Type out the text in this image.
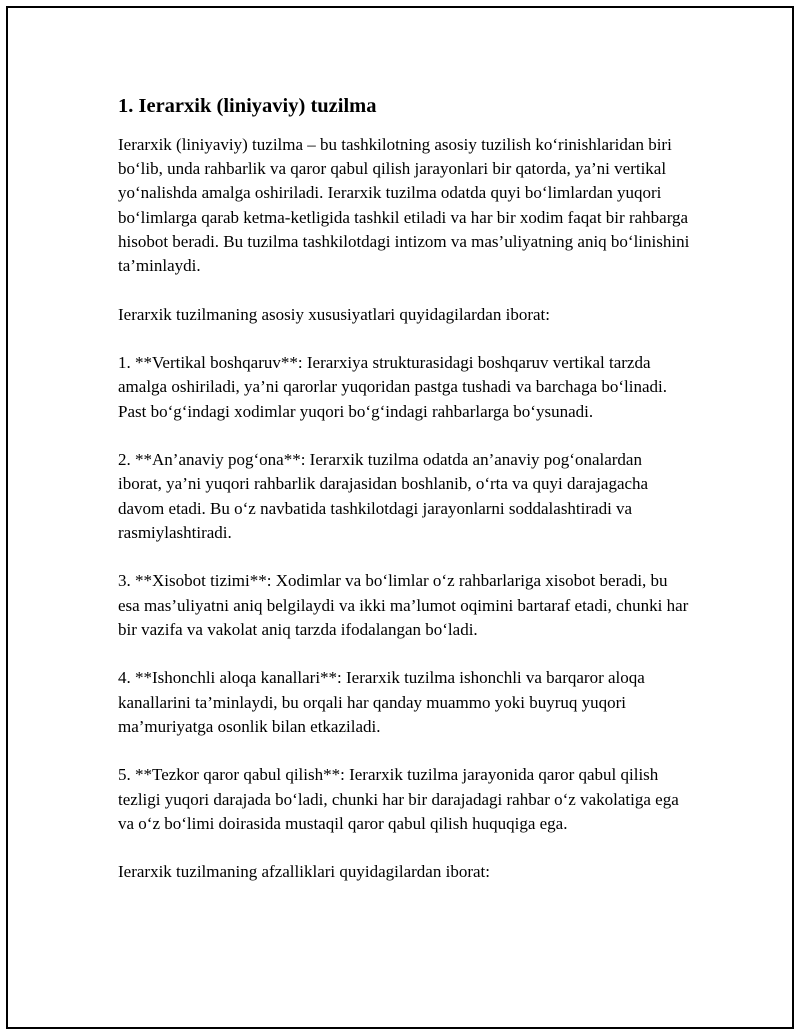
1. Ierarxik (liniyaviy) tuzilma

Ierarxik (liniyaviy) tuzilma – bu tashkilotning asosiy tuzilish ko‘rinishlaridan biri bo‘lib, unda rahbarlik va qaror qabul qilish jarayonlari bir qatorda, ya’ni vertikal yo‘nalishda amalga oshiriladi. Ierarxik tuzilma odatda quyi bo‘limlardan yuqori bo‘limlarga qarab ketma-ketligida tashkil etiladi va har bir xodim faqat bir rahbarga hisobot beradi. Bu tuzilma tashkilotdagi intizom va mas’uliyatning aniq bo‘linishini ta’minlaydi.

Ierarxik tuzilmaning asosiy xususiyatlari quyidagilardan iborat:

1. **Vertikal boshqaruv**: Ierarxiya strukturasidagi boshqaruv vertikal tarzda amalga oshiriladi, ya’ni qarorlar yuqoridan pastga tushadi va barchaga bo‘linadi. Past bo‘g‘indagi xodimlar yuqori bo‘g‘indagi rahbarlarga bo‘ysunadi.

2. **An’anaviy pog‘ona**: Ierarxik tuzilma odatda an’anaviy pog‘onalardan iborat, ya’ni yuqori rahbarlik darajasidan boshlanib, o‘rta va quyi darajagacha davom etadi. Bu o‘z navbatida tashkilotdagi jarayonlarni soddalashtiradi va rasmiylashtiradi.

3. **Xisobot tizimi**: Xodimlar va bo‘limlar o‘z rahbarlariga xisobot beradi, bu esa mas’uliyatni aniq belgilaydi va ikki ma’lumot oqimini bartaraf etadi, chunki har bir vazifa va vakolat aniq tarzda ifodalangan bo‘ladi.

4. **Ishonchli aloqa kanallari**: Ierarxik tuzilma ishonchli va barqaror aloqa kanallarini ta’minlaydi, bu orqali har qanday muammo yoki buyruq yuqori ma’muriyatga osonlik bilan etkaziladi.

5. **Tezkor qaror qabul qilish**: Ierarxik tuzilma jarayonida qaror qabul qilish tezligi yuqori darajada bo‘ladi, chunki har bir darajadagi rahbar o‘z vakolatiga ega va o‘z bo‘limi doirasida mustaqil qaror qabul qilish huquqiga ega.

Ierarxik tuzilmaning afzalliklari quyidagilardan iborat:
